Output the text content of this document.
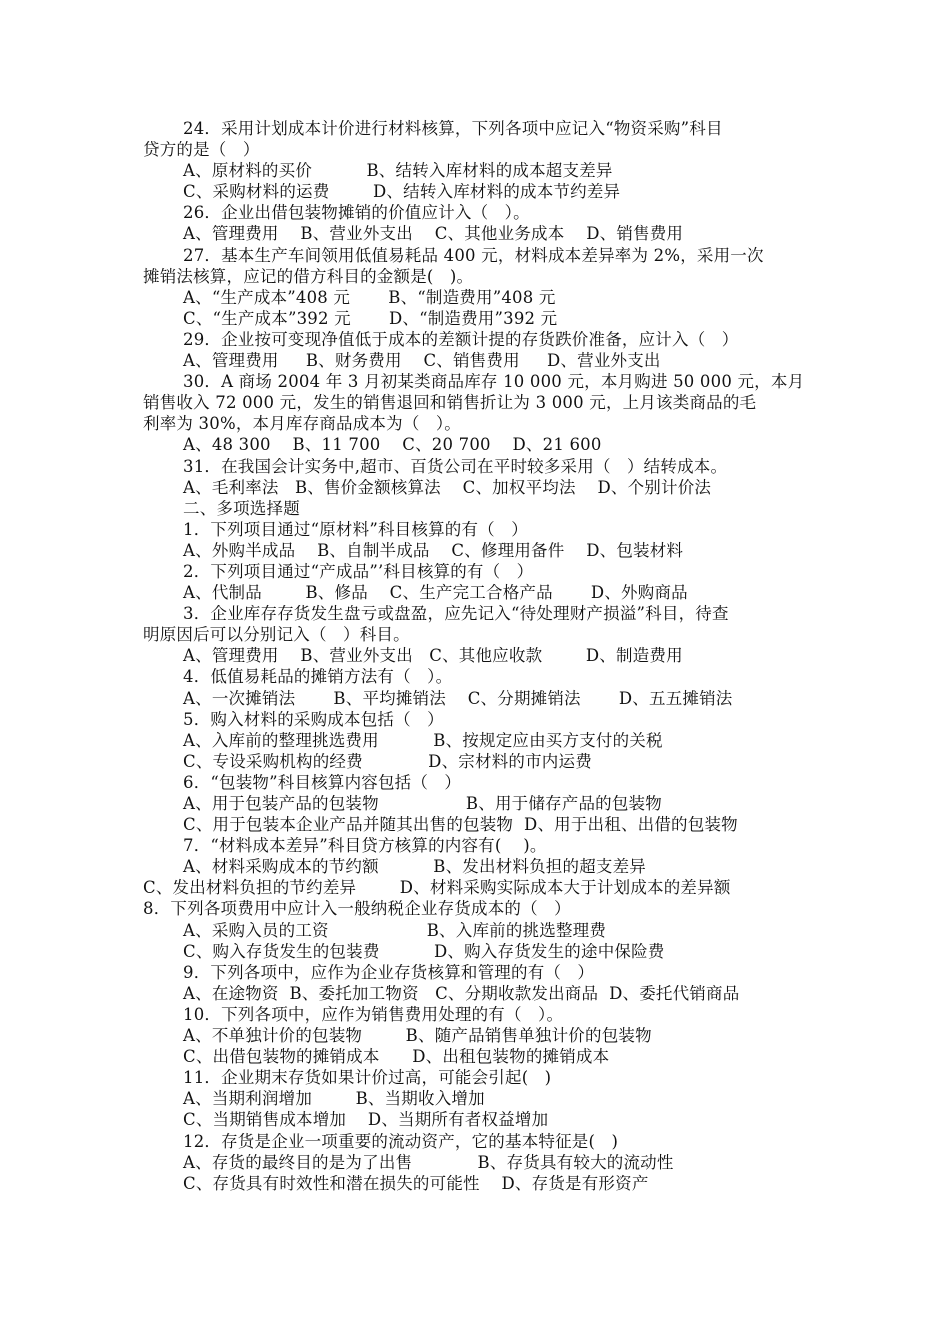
24．采用计划成本计价进行材料核算，下列各项中应记入“物资采购”科目
贷方的是（   ）
A、原材料的买价          B、结转入库材料的成本超支差异
C、采购材料的运费        D、结转入库材料的成本节约差异
26．企业出借包装物摊销的价值应计入（   ）。
A、管理费用    B、营业外支出    C、其他业务成本    D、销售费用
27．基本生产车间领用低值易耗品 400 元，材料成本差异率为 2%，采用一次
摊销法核算，应记的借方科目的金额是(   )。
A、“生产成本”408 元       B、“制造费用”408 元
C、“生产成本”392 元       D、“制造费用”392 元
29．企业按可变现净值低于成本的差额计提的存货跌价准备，应计入（   ）
A、管理费用     B、财务费用    C、销售费用     D、营业外支出
30．A 商场 2004 年 3 月初某类商品库存 10 000 元，本月购进 50 000 元，本月
销售收入 72 000 元，发生的销售退回和销售折让为 3 000 元，上月该类商品的毛
利率为 30%，本月库存商品成本为（   ）。
A、48 300    B、11 700    C、20 700    D、21 600
31．在我国会计实务中,超市、百货公司在平时较多采用（   ）结转成本。
A、毛利率法   B、售价金额核算法    C、加权平均法    D、个别计价法
二、多项选择题
1．下列项目通过“原材料”科目核算的有（   ）
A、外购半成品    B、自制半成品    C、修理用备件    D、包装材料
2．下列项目通过“产成品”’科目核算的有（   ）
A、代制品        B、修品    C、生产完工合格产品       D、外购商品
3．企业库存存货发生盘亏或盘盈，应先记入“待处理财产损溢”科目，待查
明原因后可以分别记入（   ）科目。
A、管理费用    B、营业外支出   C、其他应收款        D、制造费用
4．低值易耗品的摊销方法有（   ）。
A、一次摊销法       B、平均摊销法    C、分期摊销法       D、五五摊销法
5．购入材料的采购成本包括（   ）
A、入库前的整理挑选费用          B、按规定应由买方支付的关税
C、专设采购机构的经费            D、宗材料的市内运费
6．“包装物”科目核算内容包括（   ）
A、用于包装产品的包装物                B、用于储存产品的包装物
C、用于包装本企业产品并随其出售的包装物  D、用于出租、出借的包装物
7．“材料成本差异”科目贷方核算的内容有(    )。
A、材料采购成本的节约额          B、发出材料负担的超支差异
C、发出材料负担的节约差异        D、材料采购实际成本大于计划成本的差异额
8．下列各项费用中应计入一般纳税企业存货成本的（   ）
A、采购入员的工资                  B、入库前的挑选整理费
C、购入存货发生的包装费          D、购入存货发生的途中保险费
9．下列各项中，应作为企业存货核算和管理的有（   ）
A、在途物资  B、委托加工物资   C、分期收款发出商品  D、委托代销商品
10．下列各项中，应作为销售费用处理的有（   ）。
A、不单独计价的包装物        B、随产品销售单独计价的包装物
C、出借包装物的摊销成本      D、出租包装物的摊销成本
11．企业期末存货如果计价过高，可能会引起(   )
A、当期利润增加        B、当期收入增加
C、当期销售成本增加    D、当期所有者权益增加
12．存货是企业一项重要的流动资产，它的基本特征是(   )
A、存货的最终目的是为了出售            B、存货具有较大的流动性
C、存货具有时效性和潜在损失的可能性    D、存货是有形资产
